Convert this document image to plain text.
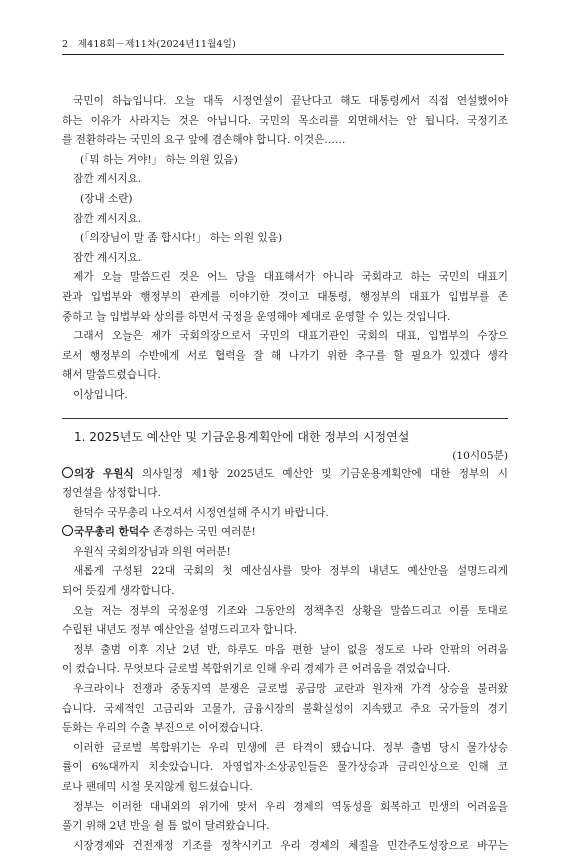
2 제418회－제11차(2024년11월4일)

국민이 하늡입니다. 오늘 대독 시정연설이 끝난다고 해도 대통령께서 직접 연설했어야

하는 이유가 사라지는 것은 아닙니다. 국민의 목소리를 외면해서는 안 됩니다. 국정기조

를 전환하라는 국민의 요구 앞에 겸손해야 합니다. 이것은……

(「뭐 하는 거야!」 하는 의원 있음)

잠깐 계시지요.

(장내 소란)

잠깐 계시지요.

(「의장님이 말 좀 합시다!」 하는 의원 있음)

잠깐 계시지요.

제가 오늘 말씀드린 것은 어느 당을 대표해서가 아니라 국회라고 하는 국민의 대표기

관과 입법부와 행정부의 관계를 이야기한 것이고 대통령, 행정부의 대표가 입법부를 존

중하고 늘 입법부와 상의를 하면서 국정을 운영해야 제대로 운영할 수 있는 것입니다.

그래서 오늘은 제가 국회의장으로서 국민의 대표기관인 국회의 대표, 입법부의 수장으

로서 행정부의 수반에게 서로 협력을 잘 해 나가기 위한 추구를 할 필요가 있겠다 생각

해서 말씀드렸습니다.

이상입니다.

1. 2025년도 예산안 및 기금운용계획안에 대한 정부의 시정연설

(10시05분)

의장 우원식 의사일정 제1항 2025년도 예산안 및 기금운용계획안에 대한 정부의 시

정연설을 상정합니다.

한덕수 국무총리 나오셔서 시정연설해 주시기 바랍니다.

국무총리 한덕수 존경하는 국민 여러분!

우원식 국회의장님과 의원 여러분!

새롭게 구성된 22대 국회의 첫 예산심사를 맞아 정부의 내년도 예산안을 설명드리게

되어 뜻깊게 생각합니다.

오늘 저는 정부의 국정운영 기조와 그동안의 정책추진 상황을 말씀드리고 이를 토대로

수립된 내년도 정부 예산안을 설명드리고자 합니다.

정부 출범 이후 지난 2년 반, 하루도 마음 편한 날이 없을 정도로 나라 안팎의 어려움

이 컸습니다. 무엇보다 글로벌 복합위기로 인해 우리 경제가 큰 어려움을 겪었습니다.

우크라이나 전쟁과 중동지역 분쟁은 글로벌 공급망 교란과 원자재 가격 상승을 불러왔

습니다. 국제적인 고금리와 고물가, 금융시장의 불확실성이 지속됐고 주요 국가들의 경기

둔화는 우리의 수출 부진으로 이어졌습니다.

이러한 글로벌 복합위기는 우리 민생에 큰 타격이 됐습니다. 정부 출범 당시 물가상승

률이 6%대까지 치솟았습니다. 자영업자·소상공인들은 물가상승과 금리인상으로 인해 코

로나 팬데믹 시절 못지않게 힘드셨습니다.

정부는 이러한 대내외의 위기에 맞서 우리 경제의 역동성을 회복하고 민생의 어려움을

풀기 위해 2년 반을 쉴 틈 없이 달려왔습니다.

시장경제와 건전재정 기조를 정착시키고 우리 경제의 체질을 민간주도성장으로 바꾸는
